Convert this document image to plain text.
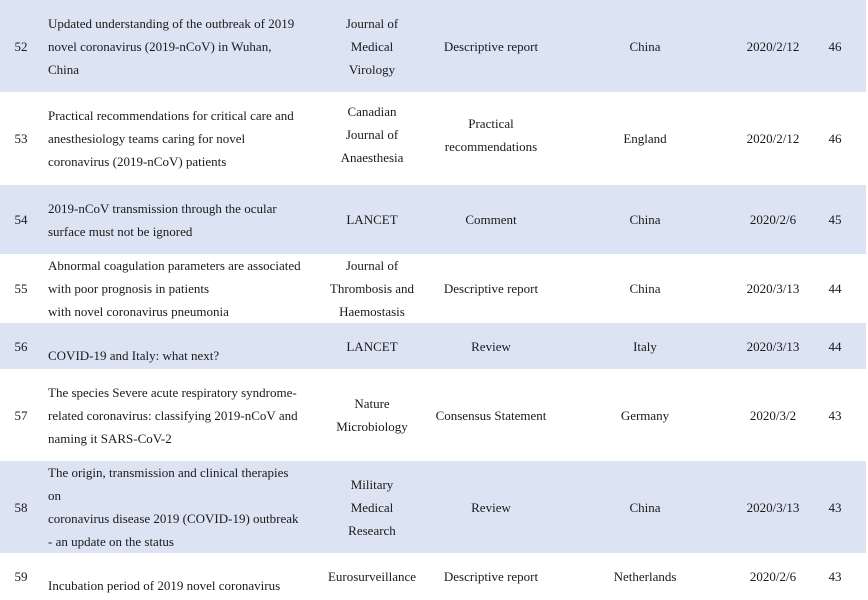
52	Updated understanding of the outbreak of 2019
novel coronavirus (2019-nCoV) in Wuhan,
China	Journal of
Medical
Virology	Descriptive report	China	2020/2/12	46
53	Practical recommendations for critical care and
anesthesiology teams caring for novel
coronavirus (2019-nCoV) patients	Canadian
Journal of
Anaesthesia	Practical
recommendations	England	2020/2/12	46
54	2019-nCoV transmission through the ocular
surface must not be ignored	LANCET	Comment	China	2020/2/6	45
55	Abnormal coagulation parameters are associated
with poor prognosis in patients
with novel coronavirus pneumonia	Journal of
Thrombosis and
Haemostasis	Descriptive report	China	2020/3/13	44
56	COVID-19 and Italy: what next?	LANCET	Review	Italy	2020/3/13	44
57	The species Severe acute respiratory syndrome-
related coronavirus: classifying 2019-nCoV and
naming it SARS-CoV-2	Nature
Microbiology	Consensus Statement	Germany	2020/3/2	43
58	The origin, transmission and clinical therapies on
coronavirus disease 2019 (COVID-19) outbreak
- an update on the status	Military
Medical
Research	Review	China	2020/3/13	43
59	Incubation period of 2019 novel coronavirus	Eurosurveillance	Descriptive report	Netherlands	2020/2/6	43
